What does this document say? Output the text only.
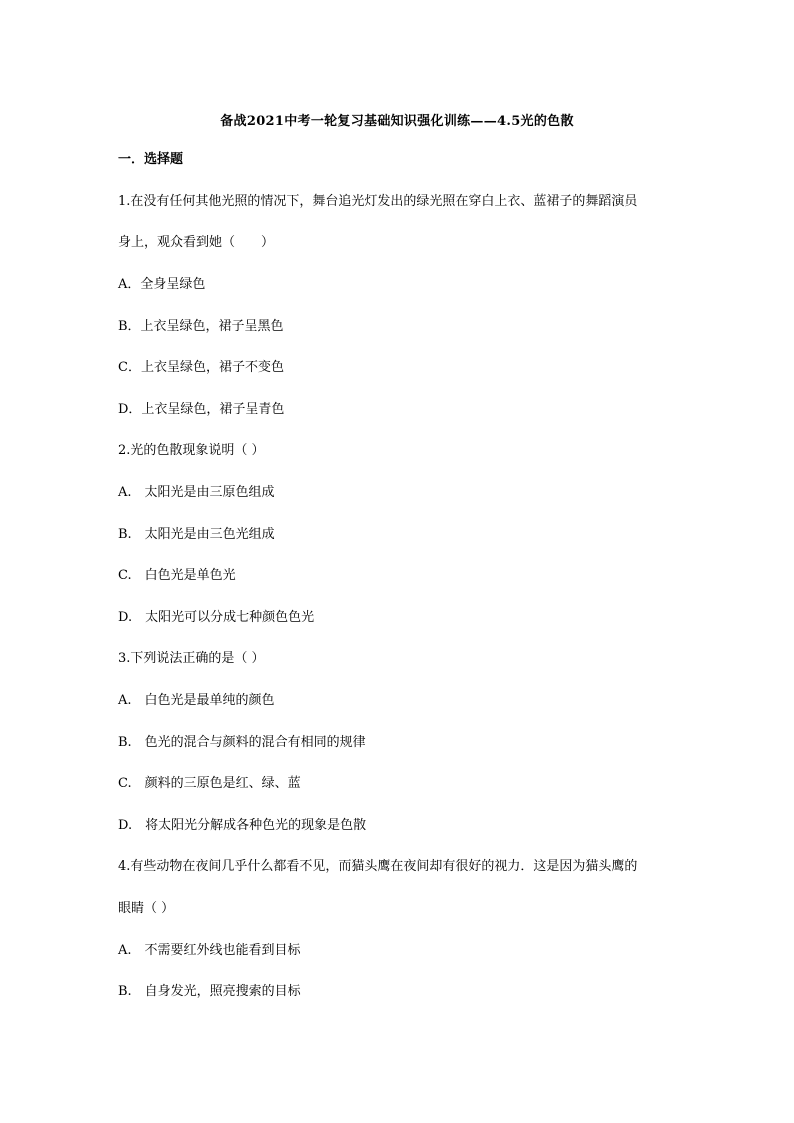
备战2021中考一轮复习基础知识强化训练——4.5光的色散
一．选择题
1.在没有任何其他光照的情况下，舞台追光灯发出的绿光照在穿白上衣、蓝裙子的舞蹈演员
身上，观众看到她（　　）
A．全身呈绿色
B．上衣呈绿色，裙子呈黑色
C．上衣呈绿色，裙子不变色
D．上衣呈绿色，裙子呈青色
2.光的色散现象说明（ ）
A.　太阳光是由三原色组成
B.　太阳光是由三色光组成
C.　白色光是单色光
D.　太阳光可以分成七种颜色色光
3.下列说法正确的是（ ）
A.　白色光是最单纯的颜色
B.　色光的混合与颜料的混合有相同的规律
C.　颜料的三原色是红、绿、蓝
D.　将太阳光分解成各种色光的现象是色散
4.有些动物在夜间几乎什么都看不见，而猫头鹰在夜间却有很好的视力．这是因为猫头鹰的
眼睛（ ）
A.　不需要红外线也能看到目标
B.　自身发光，照亮搜索的目标
